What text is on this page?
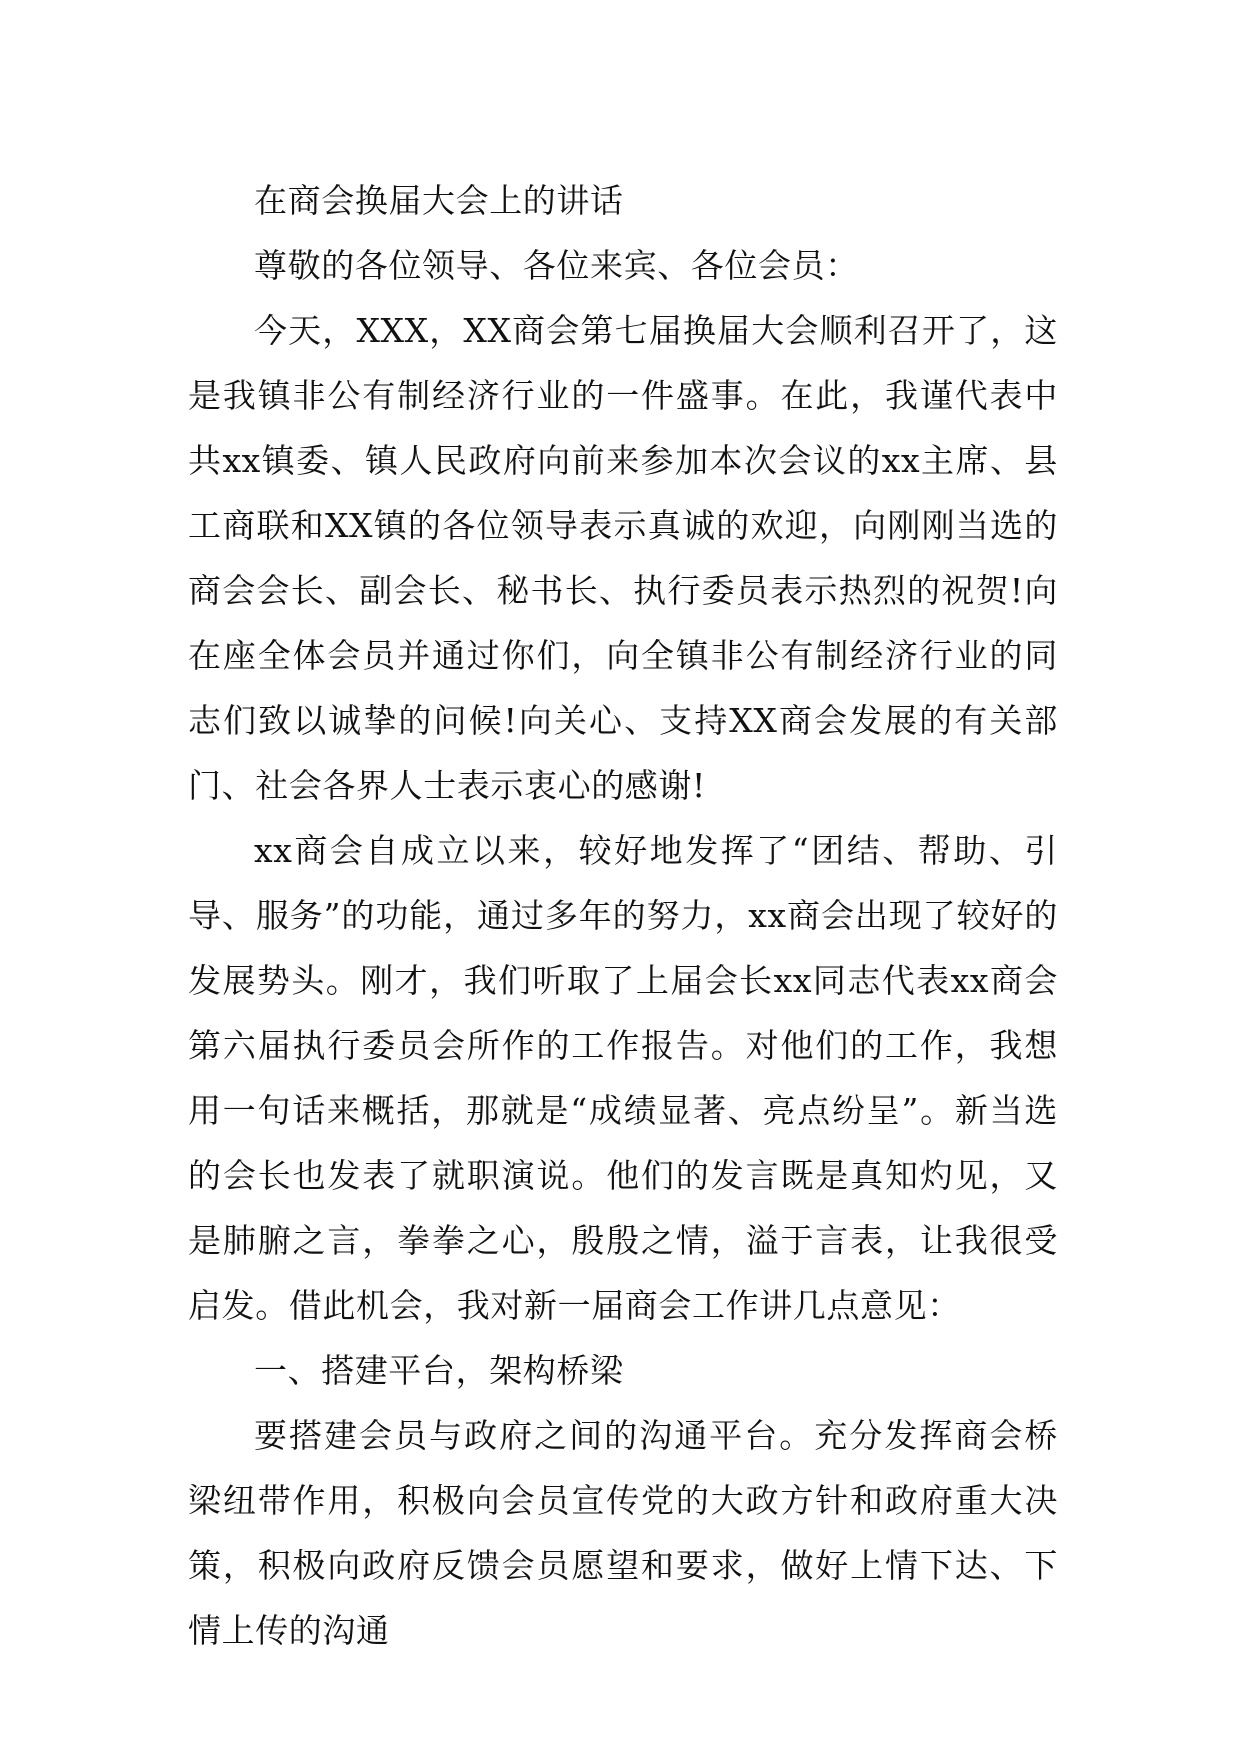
在商会换届大会上的讲话

尊敬的各位领导、各位来宾、各位会员：

今天，XXX，XX商会第七届换届大会顺利召开了，这是我镇非公有制经济行业的一件盛事。在此，我谨代表中共xx镇委、镇人民政府向前来参加本次会议的xx主席、县工商联和XX镇的各位领导表示真诚的欢迎，向刚刚当选的商会会长、副会长、秘书长、执行委员表示热烈的祝贺!向在座全体会员并通过你们，向全镇非公有制经济行业的同志们致以诚挚的问候!向关心、支持XX商会发展的有关部门、社会各界人士表示衷心的感谢!

xx商会自成立以来，较好地发挥了“团结、帮助、引导、服务”的功能，通过多年的努力，xx商会出现了较好的发展势头。刚才，我们听取了上届会长xx同志代表xx商会第六届执行委员会所作的工作报告。对他们的工作，我想用一句话来概括，那就是“成绩显著、亮点纷呈”。新当选的会长也发表了就职演说。他们的发言既是真知灼见，又是肺腑之言，拳拳之心，殷殷之情，溢于言表，让我很受启发。借此机会，我对新一届商会工作讲几点意见：

一、搭建平台，架构桥梁

要搭建会员与政府之间的沟通平台。充分发挥商会桥梁纽带作用，积极向会员宣传党的大政方针和政府重大决策，积极向政府反馈会员愿望和要求，做好上情下达、下情上传的沟通
